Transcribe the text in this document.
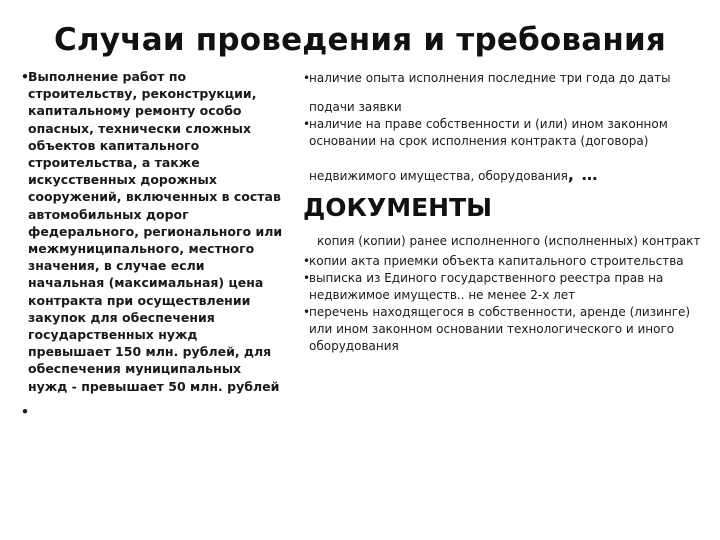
Случаи проведения и требования
• Выполнение работ по строительству, реконструкции, капитальному ремонту особо опасных, технически сложных объектов капитального строительства, а также искусственных дорожных сооружений, включенных в состав автомобильных дорог федерального, регионального или межмуниципального, местного значения, в случае если начальная (максимальная) цена контракта при осуществлении закупок для обеспечения государственных нужд превышает 150 млн. рублей, для обеспечения муниципальных нужд - превышает 50 млн. рублей
•
• наличие опыта исполнения последние три года до даты
подачи заявки
• наличие на праве собственности и (или) ином законном основании на срок исполнения контракта (договора)
недвижимого имущества, оборудования, …
ДОКУМЕНТЫ
копия (копии) ранее исполненного (исполненных) контракт
• копии акта приемки объекта капитального строительства
• выписка из Единого государственного реестра прав на недвижимое имуществ.. не менее 2-х лет
• перечень находящегося в собственности, аренде (лизинге) или ином законном основании технологического и иного оборудования
